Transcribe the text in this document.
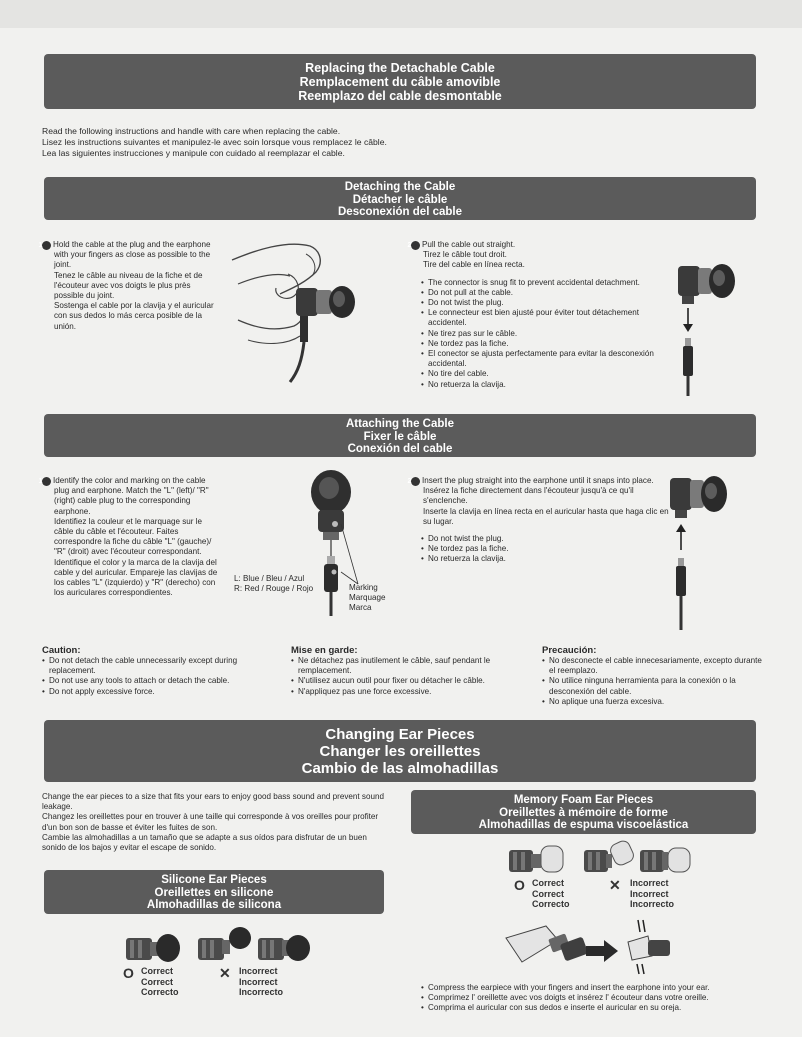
Replacing the Detachable Cable
Remplacement du câble amovible
Reemplazo del cable desmontable

Read the following instructions and handle with care when replacing the cable.

Lisez les instructions suivantes et manipulez-le avec soin lorsque vous remplacez le câble.

Lea las siguientes instrucciones y manipule con cuidado al reemplazar el cable.

Detaching the Cable
Détacher le câble
Desconexión del cable

1 Hold the cable at the plug and the earphone with your fingers as close as possible to the joint.

Tenez le câble au niveau de la fiche et de l'écouteur avec vos doigts le plus près possible du joint.

Sostenga el cable por la clavija y el auricular con sus dedos lo más cerca posible de la unión.

2 Pull the cable out straight.

Tirez le câble tout droit.

Tire del cable en línea recta.

• The connector is snug fit to prevent accidental detachment.
• Do not pull at the cable.
• Do not twist the plug.
• Le connecteur est bien ajusté pour éviter tout détachement accidentel.
• Ne tirez pas sur le câble.
• Ne tordez pas la fiche.
• El conector se ajusta perfectamente para evitar la desconexión accidental.
• No tire del cable.
• No retuerza la clavija.
Attaching the Cable
Fixer le câble
Conexión del cable

1 Identify the color and marking on the cable plug and earphone. Match the "L" (left)/ "R" (right) cable plug to the corresponding earphone.

Identifiez la couleur et le marquage sur le câble du câble et l'écouteur. Faites correspondre la fiche du câble "L" (gauche)/ "R" (droit) avec l'écouteur correspondant.

Identifique el color y la marca de la clavija del cable y del auricular. Empareje las clavijas de los cables "L" (izquierdo) y "R" (derecho) con los auriculares correspondientes.

L: Blue / Bleu / Azul

R: Red / Rouge / Rojo	Marking

Marquage

Marca

2 Insert the plug straight into the earphone until it snaps into place.

Insérez la fiche directement dans l'écouteur jusqu'à ce qu'il s'enclenche.

Inserte la clavija en línea recta en el auricular hasta que haga clic en su lugar.

• Do not twist the plug.
• Ne tordez pas la fiche.
• No retuerza la clavija.
Caution:
• Do not detach the cable unnecessarily except during replacement.
• Do not use any tools to attach or detach the cable.
• Do not apply excessive force.
Mise en garde:
• Ne détachez pas inutilement le câble, sauf pendant le remplacement.
• N'utilisez aucun outil pour fixer ou détacher le câble.
• N'appliquez pas une force excessive.
Precaución:
• No desconecte el cable innecesariamente, excepto durante el reemplazo.
• No utilice ninguna herramienta para la conexión o la desconexión del cable.
• No aplique una fuerza excesiva.
Changing Ear Pieces
Changer les oreillettes
Cambio de las almohadillas

Change the ear pieces to a size that fits your ears to enjoy good bass sound and prevent sound leakage.

Changez les oreillettes pour en trouver à une taille qui corresponde à vos oreilles pour profiter d'un bon son de basse et éviter les fuites de son.

Cambie las almohadillas a un tamaño que se adapte a sus oídos para disfrutar de un buen sonido de los bajos y evitar el escape de sonido.

Silicone Ear Pieces
Oreillettes en silicone
Almohadillas de silicona
O Correct
Correct
Correcto
✕ Incorrect
Incorrect
Incorrecto
Memory Foam Ear Pieces
Oreillettes à mémoire de forme
Almohadillas de espuma viscoelástica
O Correct
Correct
Correcto
✕ Incorrect
Incorrect
Incorrecto
• Compress the earpiece with your fingers and insert the earphone into your ear.
• Comprimez l' oreillette avec vos doigts et insérez l' écouteur dans votre oreille.
• Comprima el auricular con sus dedos e inserte el auricular en su oreja.
